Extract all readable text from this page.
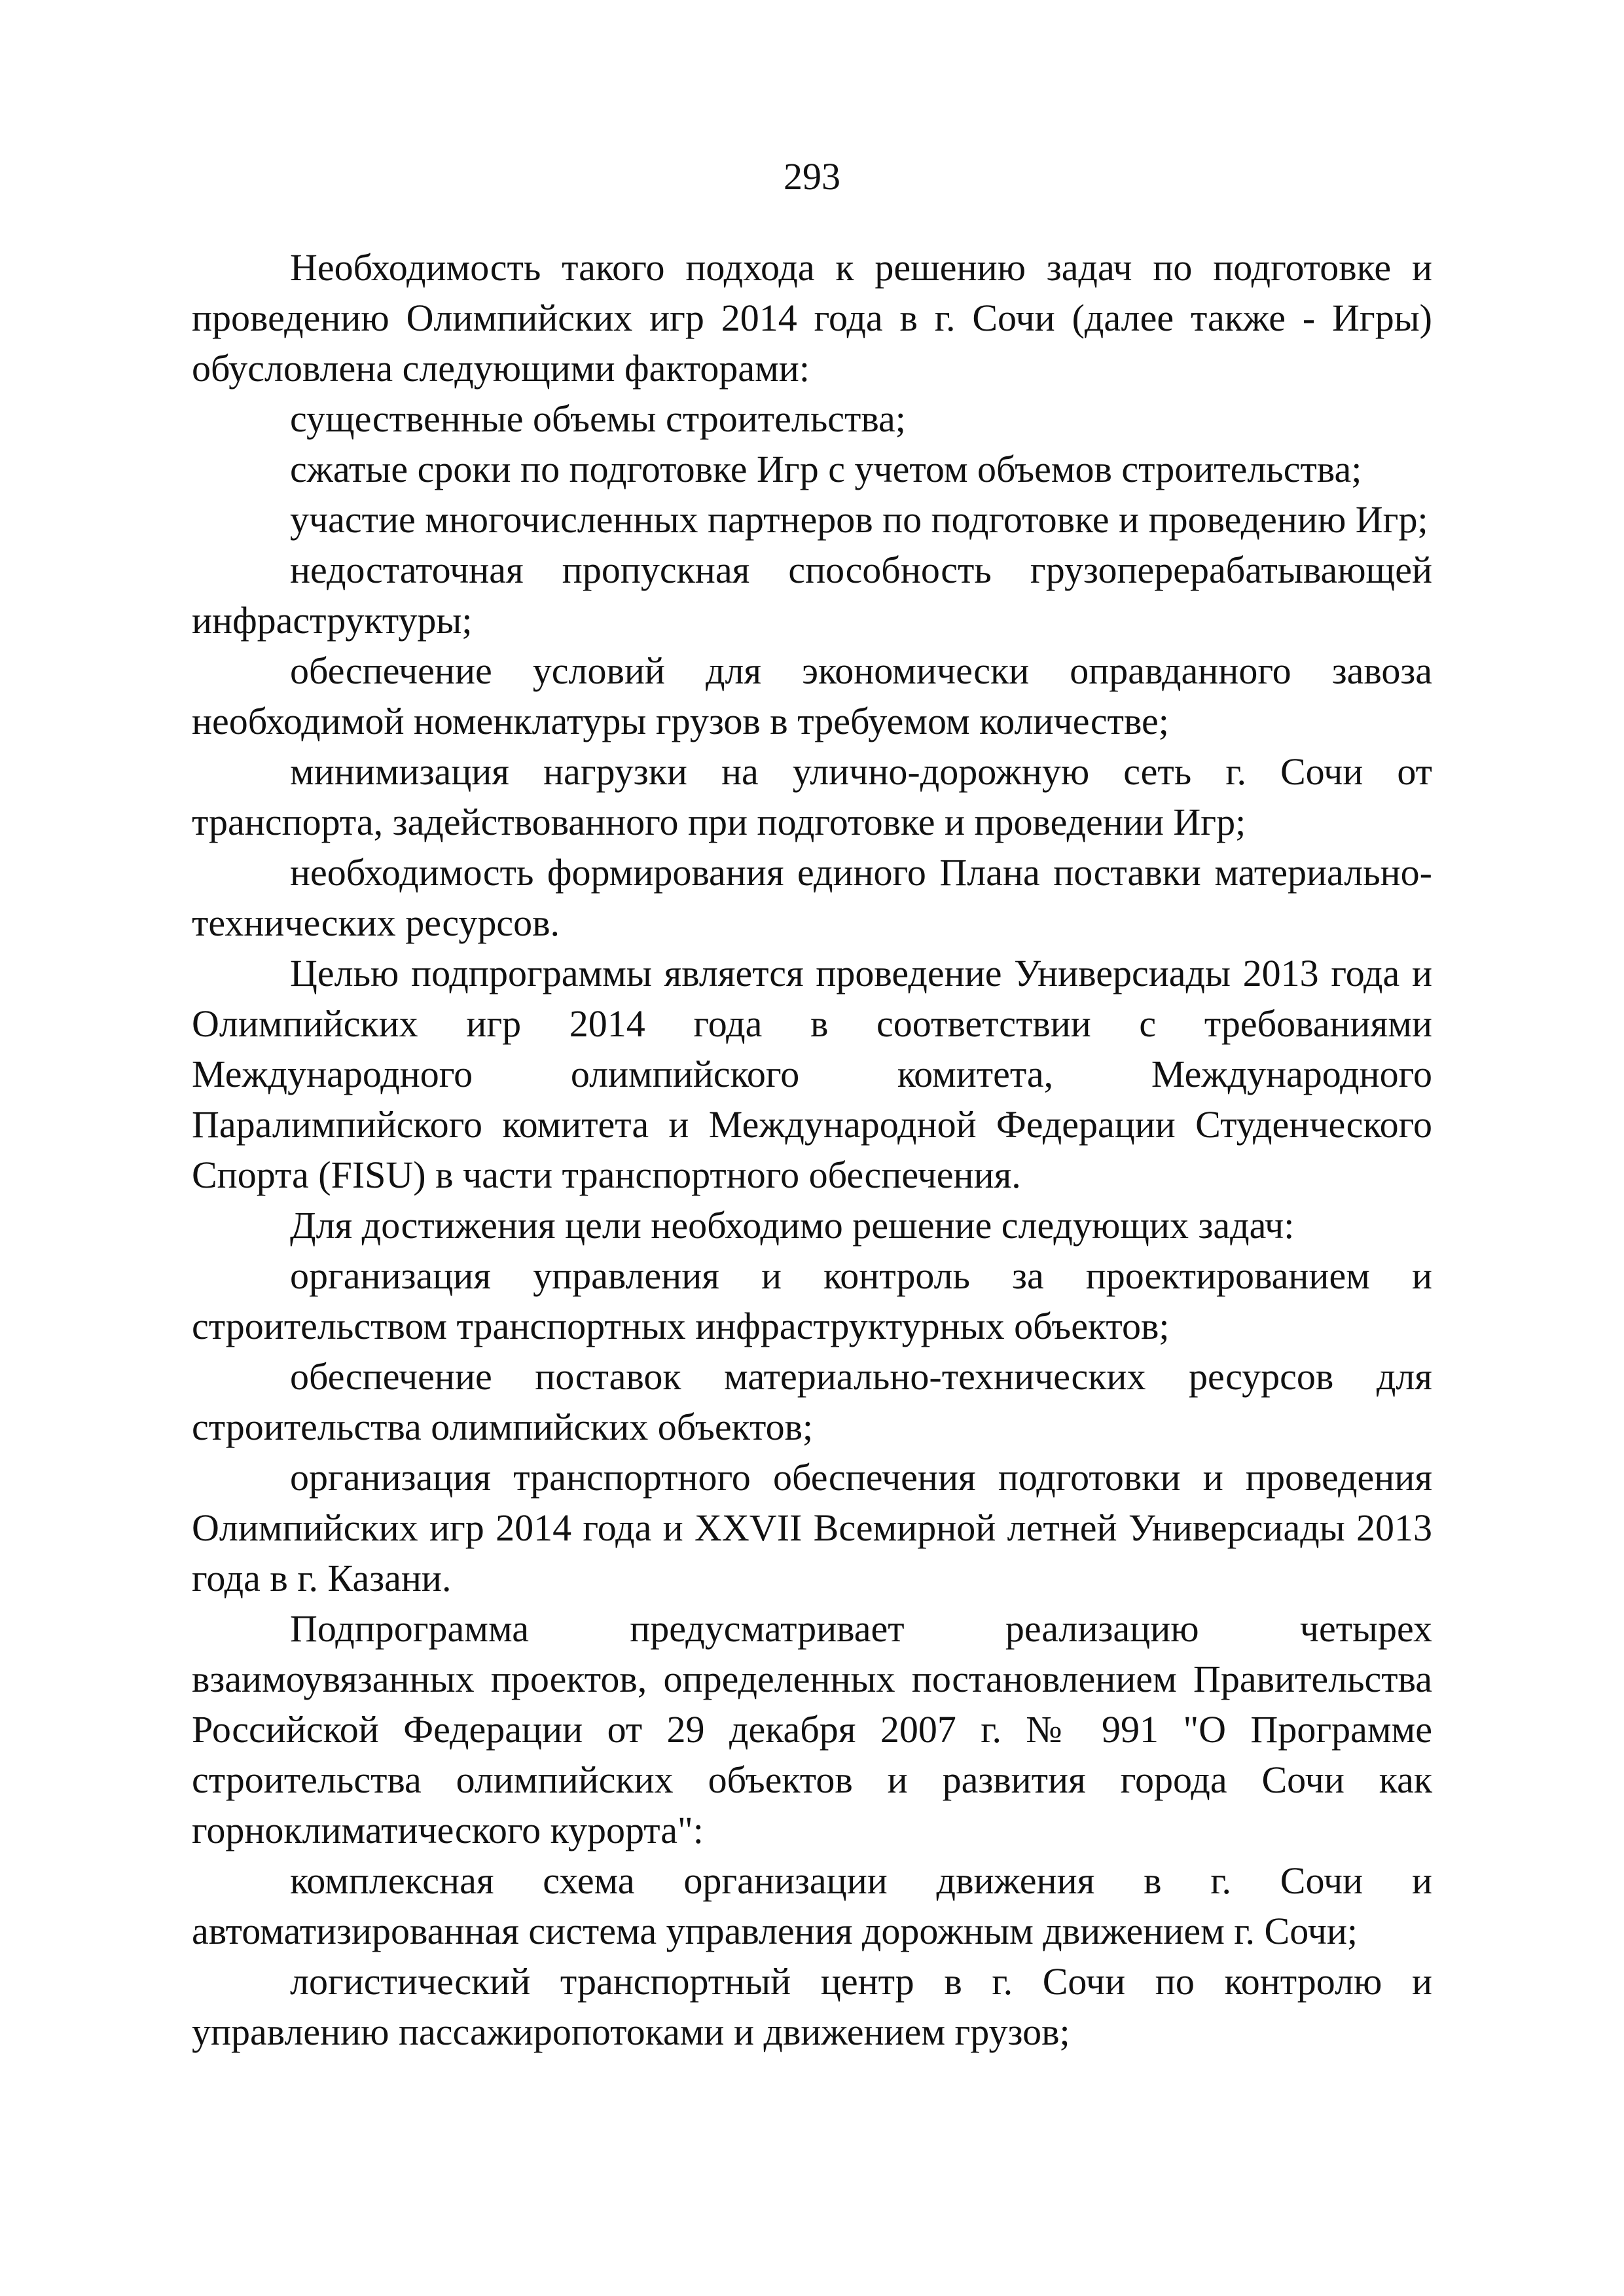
293

Необходимость такого подхода к решению задач по подготовке и проведению Олимпийских игр 2014 года в г. Сочи (далее также - Игры) обусловлена следующими факторами:

существенные объемы строительства;

сжатые сроки по подготовке Игр с учетом объемов строительства;

участие многочисленных партнеров по подготовке и проведению Игр;

недостаточная пропускная способность грузоперерабатывающей инфраструктуры;

обеспечение условий для экономически оправданного завоза необходимой номенклатуры грузов в требуемом количестве;

минимизация нагрузки на улично-дорожную сеть г. Сочи от транспорта, задействованного при подготовке и проведении Игр;

необходимость формирования единого Плана поставки материально-технических ресурсов.

Целью подпрограммы является проведение Универсиады 2013 года и Олимпийских игр 2014 года в соответствии с требованиями Международного олимпийского комитета, Международного Паралимпийского комитета и Международной Федерации Студенческого Спорта (FISU) в части транспортного обеспечения.

Для достижения цели необходимо решение следующих задач:

организация управления и контроль за проектированием и строительством транспортных инфраструктурных объектов;

обеспечение поставок материально-технических ресурсов для строительства олимпийских объектов;

организация транспортного обеспечения подготовки и проведения Олимпийских игр 2014 года и XXVII Всемирной летней Универсиады 2013 года в г. Казани.

Подпрограмма предусматривает реализацию четырех взаимоувязанных проектов, определенных постановлением Правительства Российской Федерации от 29 декабря 2007 г. № 991 "О Программе строительства олимпийских объектов и развития города Сочи как горноклиматического курорта":

комплексная схема организации движения в г. Сочи и автоматизированная система управления дорожным движением г. Сочи;

логистический транспортный центр в г. Сочи по контролю и управлению пассажиропотоками и движением грузов;
